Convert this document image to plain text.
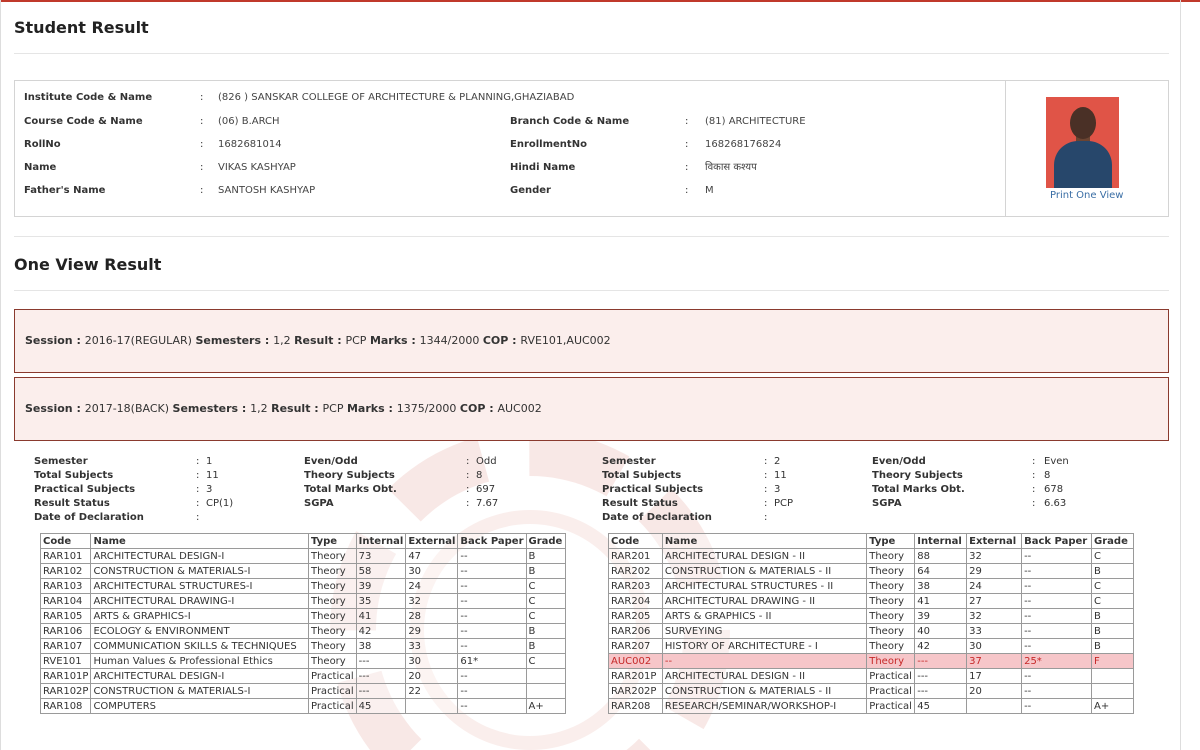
Student Result
Institute Code & Name	: (826 ) SANSKAR COLLEGE OF ARCHITECTURE & PLANNING,GHAZIABAD
Course Code & Name	: (06) B.ARCH	Branch Code & Name	: (81) ARCHITECTURE
RollNo	: 1682681014	EnrollmentNo	: 168268176824
Name	: VIKAS KASHYAP	Hindi Name	: विकास कश्यप
Father's Name	: SANTOSH KASHYAP	Gender	: M	Print One View
One View Result
Session : 2016-17(REGULAR) Semesters : 1,2 Result : PCP Marks : 1344/2000 COP : RVE101,AUC002
Session : 2017-18(BACK) Semesters : 1,2 Result : PCP Marks : 1375/2000 COP : AUC002
Semester	: 1
Total Subjects	: 11
Practical Subjects	: 3
Result Status	: CP(1)
Date of Declaration	:
Even/Odd	: Odd
Theory Subjects	: 8
Total Marks Obt.	: 697
SGPA	: 7.67
Semester	: 2
Total Subjects	: 11
Practical Subjects	: 3
Result Status	: PCP
Date of Declaration	:
Even/Odd	: Even
Theory Subjects	: 8
Total Marks Obt.	: 678
SGPA	: 6.63
Code	Name	Type	Internal	External	Back Paper	Grade
RAR101	ARCHITECTURAL DESIGN-I	Theory	73	47	--	B
RAR102	CONSTRUCTION & MATERIALS-I	Theory	58	30	--	B
RAR103	ARCHITECTURAL STRUCTURES-I	Theory	39	24	--	C
RAR104	ARCHITECTURAL DRAWING-I	Theory	35	32	--	C
RAR105	ARTS & GRAPHICS-I	Theory	41	28	--	C
RAR106	ECOLOGY & ENVIRONMENT	Theory	42	29	--	B
RAR107	COMMUNICATION SKILLS & TECHNIQUES	Theory	38	33	--	B
RVE101	Human Values & Professional Ethics	Theory	---	30	61*	C
RAR101P	ARCHITECTURAL DESIGN-I	Practical	---	20	--	
RAR102P	CONSTRUCTION & MATERIALS-I	Practical	---	22	--	
RAR108	COMPUTERS	Practical	45		--	A+
Code	Name	Type	Internal	External	Back Paper	Grade
RAR201	ARCHITECTURAL DESIGN - II	Theory	88	32	--	C
RAR202	CONSTRUCTION & MATERIALS - II	Theory	64	29	--	B
RAR203	ARCHITECTURAL STRUCTURES - II	Theory	38	24	--	C
RAR204	ARCHITECTURAL DRAWING - II	Theory	41	27	--	C
RAR205	ARTS & GRAPHICS - II	Theory	39	32	--	B
RAR206	SURVEYING	Theory	40	33	--	B
RAR207	HISTORY OF ARCHITECTURE - I	Theory	42	30	--	B
AUC002	--	Theory	---	37	25*	F
RAR201P	ARCHITECTURAL DESIGN - II	Practical	---	17	--	
RAR202P	CONSTRUCTION & MATERIALS - II	Practical	---	20	--	
RAR208	RESEARCH/SEMINAR/WORKSHOP-I	Practical	45		--	A+
